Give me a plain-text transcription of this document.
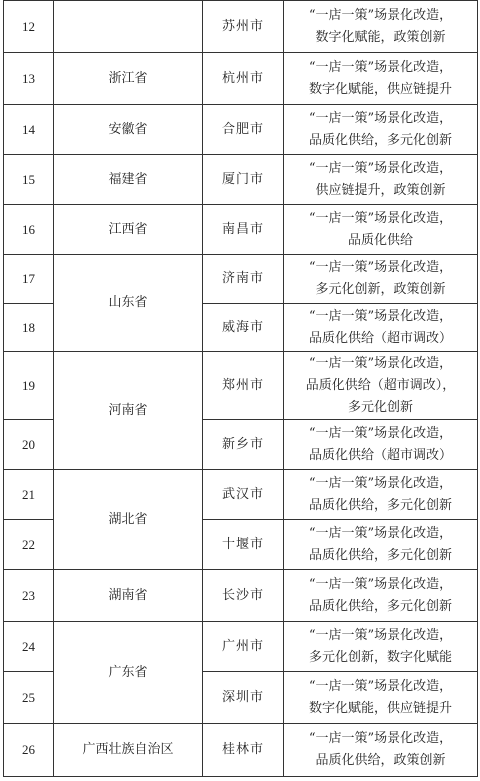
12		苏州市	“一店一策”场景化改造，
数字化赋能，政策创新

13	浙江省	杭州市	“一店一策”场景化改造，
数字化赋能，供应链提升

14	安徽省	合肥市	“一店一策”场景化改造，
品质化供给，多元化创新

15	福建省	厦门市	“一店一策”场景化改造，
供应链提升，政策创新

16	江西省	南昌市	“一店一策”场景化改造，
品质化供给

17	山东省	济南市	“一店一策”场景化改造，
多元化创新，政策创新

18		威海市	“一店一策”场景化改造，
品质化供给（超市调改）

19	河南省	郑州市	“一店一策”场景化改造，
品质化供给（超市调改），
多元化创新

20		新乡市	“一店一策”场景化改造，
品质化供给（超市调改）

21	湖北省	武汉市	“一店一策”场景化改造，
品质化供给，多元化创新

22		十堰市	“一店一策”场景化改造，
品质化供给，多元化创新

23	湖南省	长沙市	“一店一策”场景化改造，
品质化供给，多元化创新

24	广东省	广州市	“一店一策”场景化改造，
多元化创新，数字化赋能

25		深圳市	“一店一策”场景化改造，
数字化赋能，供应链提升

26	广西壮族自治区	桂林市	“一店一策”场景化改造，
品质化供给，政策创新
